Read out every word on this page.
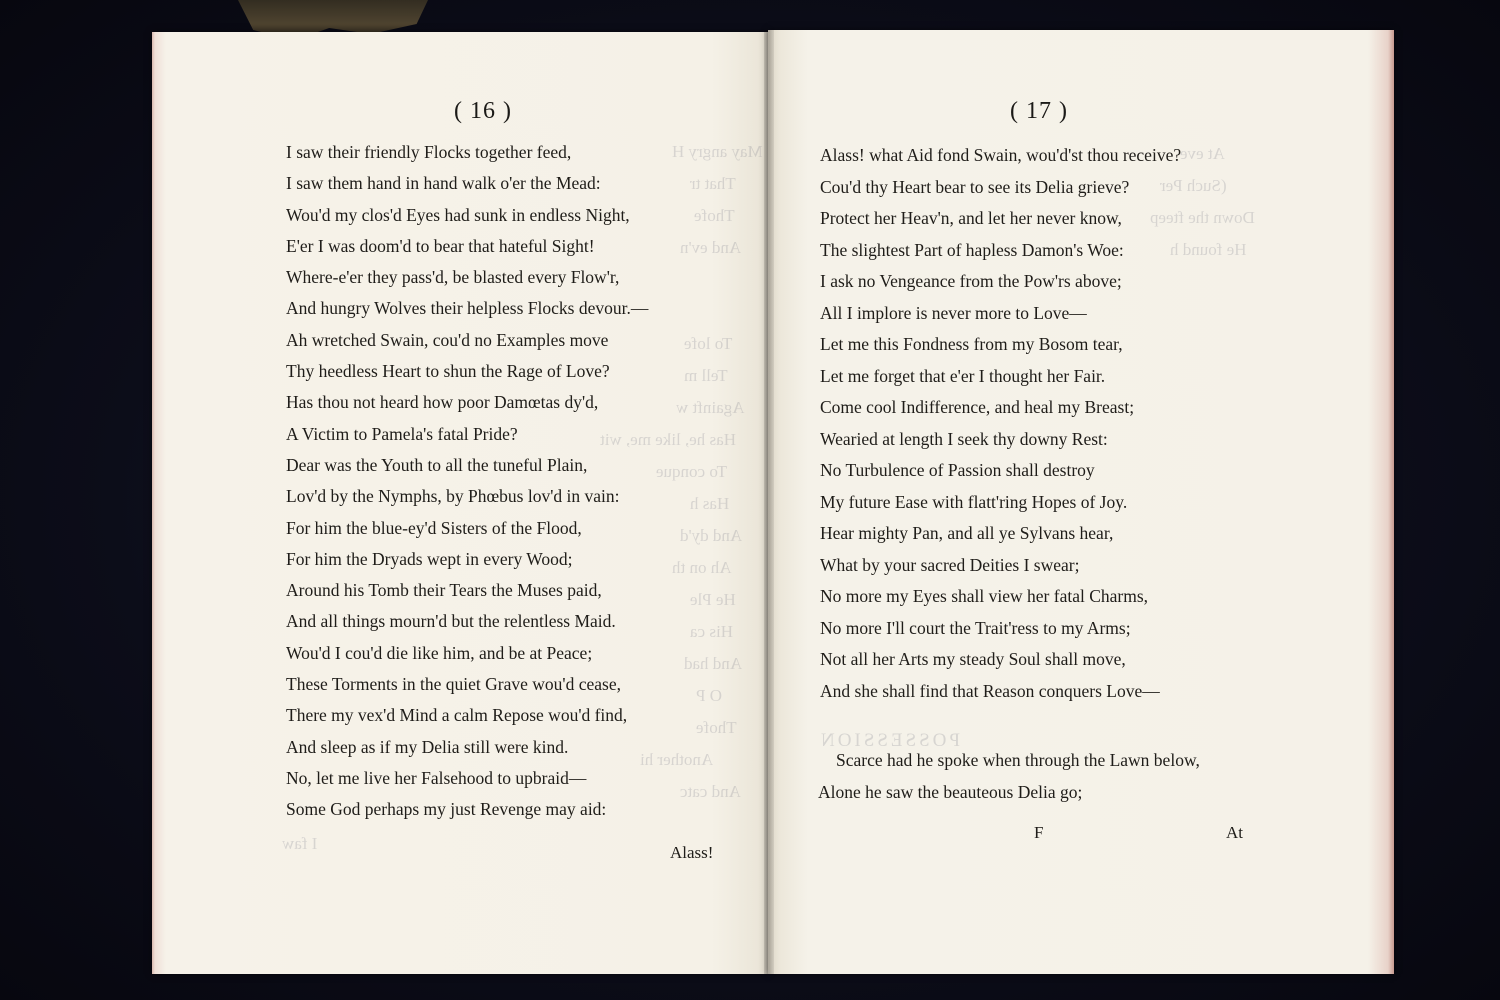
May angry H
That tr
Thofe
And ev'n
To lofe
Tell m
Againft w
Has he, like me, wit
To conque
Has h
And dy'd
Ah on th
He Ple
His ca
And had
O P
Thofe
Another hi
And catc
I faw
At eve
(Such Per
Down the fteep
He found h
POSSESSION
( 16 )
I saw their friendly Flocks together feed,
I saw them hand in hand walk o'er the Mead:
Wou'd my clos'd Eyes had sunk in endless Night,
E'er I was doom'd to bear that hateful Sight!
Where-e'er they pass'd, be blasted every Flow'r,
And hungry Wolves their helpless Flocks devour.—
Ah wretched Swain, cou'd no Examples move
Thy heedless Heart to shun the Rage of Love?
Has thou not heard how poor Damœtas dy'd,
A Victim to Pamela's fatal Pride?
Dear was the Youth to all the tuneful Plain,
Lov'd by the Nymphs, by Phœbus lov'd in vain:
For him the blue-ey'd Sisters of the Flood,
For him the Dryads wept in every Wood;
Around his Tomb their Tears the Muses paid,
And all things mourn'd but the relentless Maid.
Wou'd I cou'd die like him, and be at Peace;
These Torments in the quiet Grave wou'd cease,
There my vex'd Mind a calm Repose wou'd find,
And sleep as if my Delia still were kind.
No, let me live her Falsehood to upbraid—
Some God perhaps my just Revenge may aid:
Alass!
( 17 )
Alass! what Aid fond Swain, wou'd'st thou receive?
Cou'd thy Heart bear to see its Delia grieve?
Protect her Heav'n, and let her never know,
The slightest Part of hapless Damon's Woe:
I ask no Vengeance from the Pow'rs above;
All I implore is never more to Love—
Let me this Fondness from my Bosom tear,
Let me forget that e'er I thought her Fair.
Come cool Indifference, and heal my Breast;
Wearied at length I seek thy downy Rest:
No Turbulence of Passion shall destroy
My future Ease with flatt'ring Hopes of Joy.
Hear mighty Pan, and all ye Sylvans hear,
What by your sacred Deities I swear;
No more my Eyes shall view her fatal Charms,
No more I'll court the Trait'ress to my Arms;
Not all her Arts my steady Soul shall move,
And she shall find that Reason conquers Love—
Scarce had he spoke when through the Lawn below,
Alone he saw the beauteous Delia go;
F	At
